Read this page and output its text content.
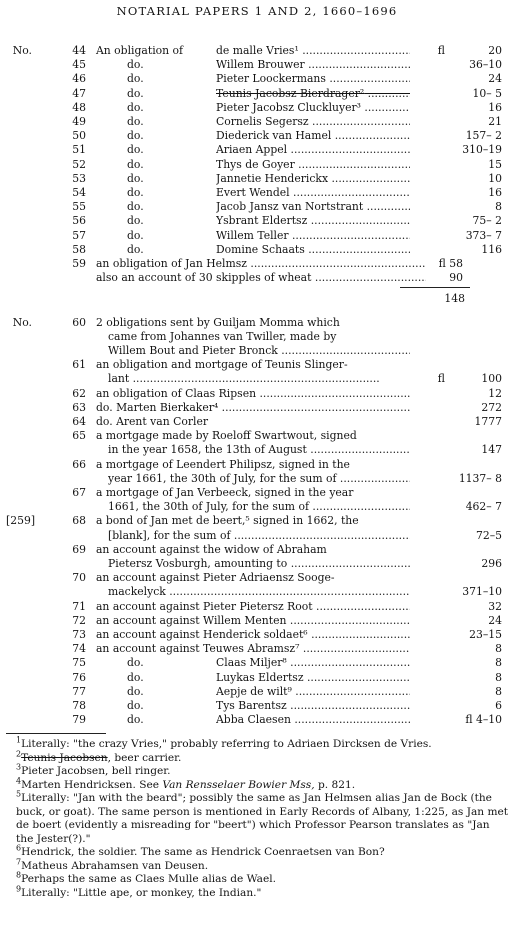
NOTARIAL PAPERS 1 AND 2, 1660–1696
No.	44 An obligation of	de malle Vries¹ .....	fl	20
45	do.	Willem Brouwer .....	36–10
46	do.	Pieter Loockermans .....	24
47	do.	Teunis Jacobsz Bierdrager² .....	10– 5
48	do.	Pieter Jacobsz Cluckluyer³ .....	16
49	do.	Cornelis Segersz .....	21
50	do.	Diederick van Hamel .....	157– 2
51	do.	Ariaen Appel .....	310–19
52	do.	Thys de Goyer .....	15
53	do.	Jannetie Henderickx .....	10
54	do.	Evert Wendel .....	16
55	do.	Jacob Jansz van Nortstrant .....	8
56	do.	Ysbrant Eldertsz .....	75– 2
57	do.	Willem Teller .....	373– 7
58	do.	Domine Schaats .....	116
59 an obligation of Jan Helmsz .....	fl 58
also an account of 30 skipples of wheat .....	90
148
No.	60 2 obligations sent by Guiljam Momma which
came from Johannes van Twiller, made by
Willem Bout and Pieter Bronck .....
61 an obligation and mortgage of Teunis Slinger-
lant .....	fl	100
62 an obligation of Claas Ripsen .....	12
63 do. Marten Bierkaker⁴ .....	272
64 do. Arent van Corler	1777
65 a mortgage made by Roeloff Swartwout, signed
in the year 1658, the 13th of August .....	147
66 a mortgage of Leendert Philipsz, signed in the
year 1661, the 30th of July, for the sum of .....	1137– 8
67 a mortgage of Jan Verbeeck, signed in the year
1661, the 30th of July, for the sum of .....	462– 7
[259]	68 a bond of Jan met de beert,⁵ signed in 1662, the
[blank], for the sum of .....	72–5
69 an account against the widow of Abraham
Pietersz Vosburgh, amounting to .....	296
70 an account against Pieter Adriaensz Sooge-
mackelyck .....	371–10
71 an account against Pieter Pietersz Root .....	32
72 an account against Willem Menten .....	24
73 an account against Henderick soldaet⁶ .....	23–15
74 an account against Teuwes Abramsz⁷ .....	8
75	do.	Claas Miljer⁸ .....	8
76	do.	Luykas Eldertsz .....	8
77	do.	Aepje de wilt⁹ .....	8
78	do.	Tys Barentsz .....	6
79	do.	Abba Claesen .....	fl 4–10
$^1$Literally: "the crazy Vries," probably referring to Adriaen Dircksen de Vries.
$^2$Teunis Jacobsen, beer carrier.
$^3$Pieter Jacobsen, bell ringer.
$^4$Marten Hendricksen. See Van Rensselaer Bowier Mss, p. 821.
$^5$Literally: "Jan with the beard"; possibly the same as Jan Helmsen alias Jan de Bock (the buck, or goat). The same person is mentioned in Early Records of Albany, 1:225, as Jan met de boert (evidently a misreading for "beert") which Professor Pearson translates as "Jan the Jester(?)."
$^6$Hendrick, the soldier. The same as Hendrick Coenraetsen van Bon?
$^7$Matheus Abrahamsen van Deusen.
$^8$Perhaps the same as Claes Mulle alias de Wael.
$^9$Literally: "Little ape, or monkey, the Indian."
